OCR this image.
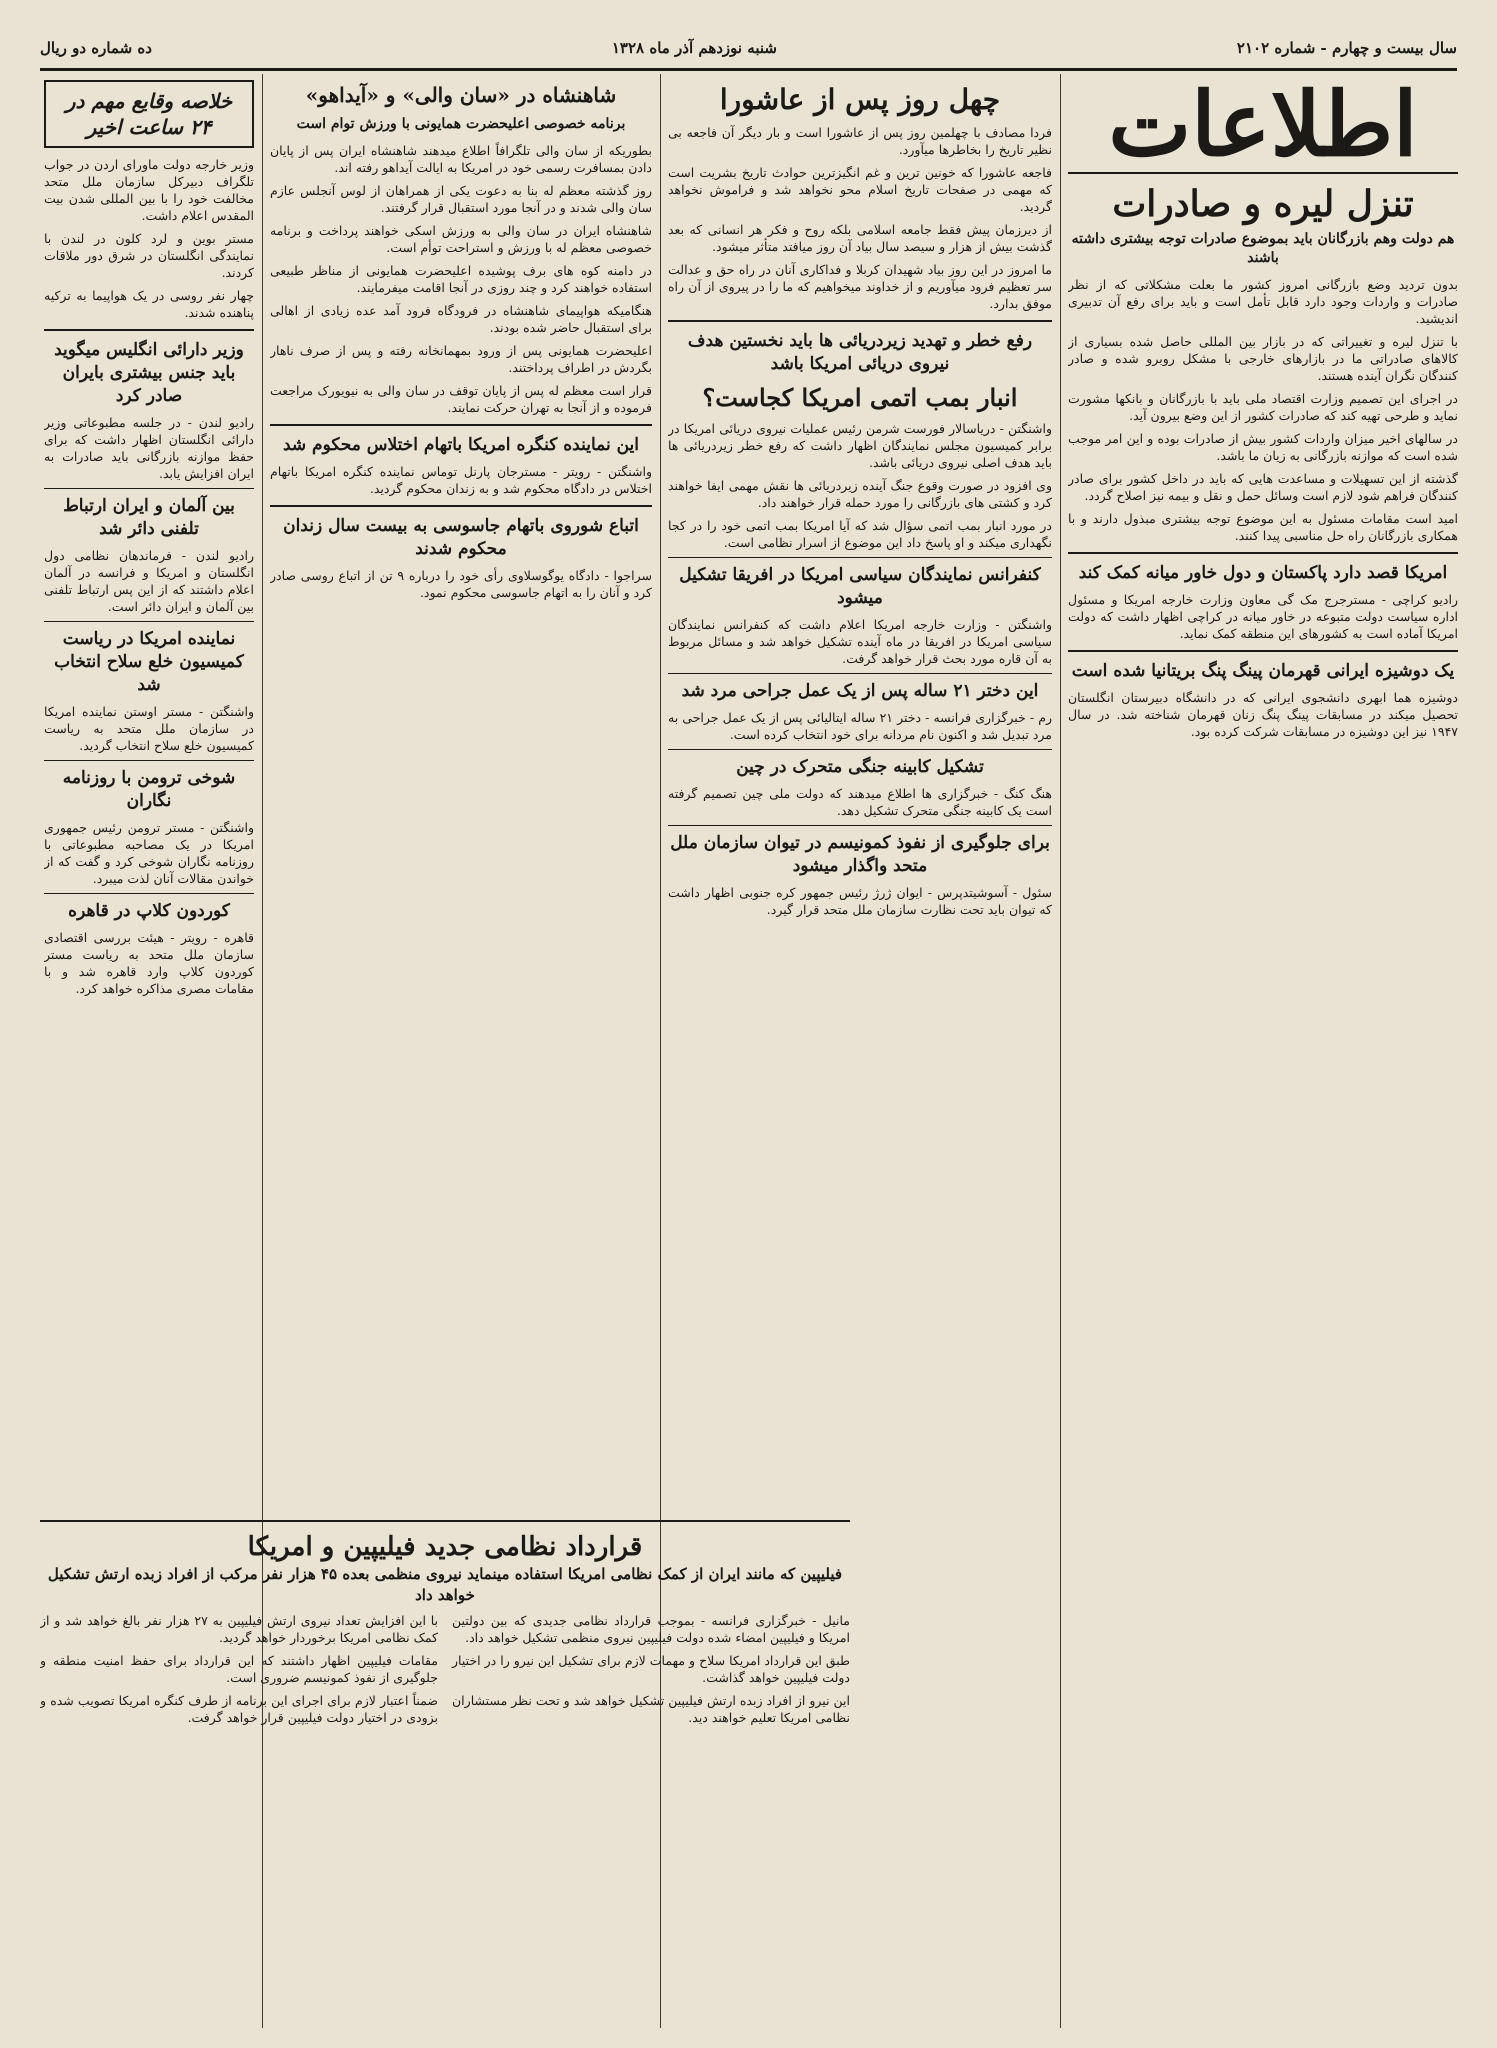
سال بیست و چهارم - شماره ۲۱۰۲
شنبه نوزدهم آذر ماه ۱۳۲۸
ده شماره دو ریال
اطلاعات
تنزل لیره و صادرات
هم دولت وهم بازرگانان باید بموضوع صادرات توجه بیشتری داشته باشند

بدون تردید وضع بازرگانی امروز کشور ما بعلت مشکلاتی که از نظر صادرات و واردات وجود دارد قابل تأمل است و باید برای رفع آن تدبیری اندیشید.

با تنزل لیره و تغییراتی که در بازار بین المللی حاصل شده بسیاری از کالاهای صادراتی ما در بازارهای خارجی با مشکل روبرو شده و صادر کنندگان نگران آینده هستند.

در اجرای این تصمیم وزارت اقتصاد ملی باید با بازرگانان و بانکها مشورت نماید و طرحی تهیه کند که صادرات کشور از این وضع بیرون آید.

در سالهای اخیر میزان واردات کشور بیش از صادرات بوده و این امر موجب شده است که موازنه بازرگانی به زیان ما باشد.

گذشته از این تسهیلات و مساعدت هایی که باید در داخل کشور برای صادر کنندگان فراهم شود لازم است وسائل حمل و نقل و بیمه نیز اصلاح گردد.

امید است مقامات مسئول به این موضوع توجه بیشتری مبذول دارند و با همکاری بازرگانان راه حل مناسبی پیدا کنند.

امریکا قصد دارد پاکستان و دول خاور میانه کمک کند

رادیو کراچی - مسترجرج مک گی معاون وزارت خارجه امریکا و مسئول اداره سیاست دولت متبوعه در خاور میانه در کراچی اظهار داشت که دولت امریکا آماده است به کشورهای این منطقه کمک نماید.

یک دوشیزه ایرانی قهرمان پینگ پنگ بریتانیا شده است

دوشیزه هما ابهری دانشجوی ایرانی که در دانشگاه دبیرستان انگلستان تحصیل میکند در مسابقات پینگ پنگ زنان قهرمان شناخته شد. در سال ۱۹۴۷ نیز این دوشیزه در مسابقات شرکت کرده بود.

چهل روز پس از عاشورا

فردا مصادف با چهلمین روز پس از عاشورا است و بار دیگر آن فاجعه بی نظیر تاریخ را بخاطرها میآورد.

فاجعه عاشورا که خونین ترین و غم انگیزترین حوادث تاریخ بشریت است که مهمی در صفحات تاریخ اسلام محو نخواهد شد و فراموش نخواهد گردید.

از دیرزمان پیش فقط جامعه اسلامی بلکه روح و فکر هر انسانی که بعد گذشت بیش از هزار و سیصد سال بیاد آن روز میافتد متأثر میشود.

ما امروز در این روز بیاد شهیدان کربلا و فداکاری آنان در راه حق و عدالت سر تعظیم فرود میآوریم و از خداوند میخواهیم که ما را در پیروی از آن راه موفق بدارد.

رفع خطر و تهدید زیردریائی ها باید نخستین هدف نیروی دریائی امریکا باشد
انبار بمب اتمی امریکا کجاست؟

واشنگتن - دریاسالار فورست شرمن رئیس عملیات نیروی دریائی امریکا در برابر کمیسیون مجلس نمایندگان اظهار داشت که رفع خطر زیردریائی ها باید هدف اصلی نیروی دریائی باشد.

وی افزود در صورت وقوع جنگ آینده زیردریائی ها نقش مهمی ایفا خواهند کرد و کشتی های بازرگانی را مورد حمله قرار خواهند داد.

در مورد انبار بمب اتمی سؤال شد که آیا امریکا بمب اتمی خود را در کجا نگهداری میکند و او پاسخ داد این موضوع از اسرار نظامی است.

کنفرانس نمایندگان سیاسی امریکا در افریقا تشکیل میشود

واشنگتن - وزارت خارجه امریکا اعلام داشت که کنفرانس نمایندگان سیاسی امریکا در افریقا در ماه آینده تشکیل خواهد شد و مسائل مربوط به آن قاره مورد بحث قرار خواهد گرفت.

این دختر ۲۱ ساله پس از یک عمل جراحی مرد شد

رم - خبرگزاری فرانسه - دختر ۲۱ ساله ایتالیائی پس از یک عمل جراحی به مرد تبدیل شد و اکنون نام مردانه برای خود انتخاب کرده است.

تشکیل کابینه جنگی متحرک در چین

هنگ کنگ - خبرگزاری ها اطلاع میدهند که دولت ملی چین تصمیم گرفته است یک کابینه جنگی متحرک تشکیل دهد.

برای جلوگیری از نفوذ کمونیسم در تیوان سازمان ملل متحد واگذار میشود

سئول - آسوشیتدپرس - ایوان ژرژ رئیس جمهور کره جنوبی اظهار داشت که تیوان باید تحت نظارت سازمان ملل متحد قرار گیرد.

شاهنشاه در «سان والی» و «آیداهو»
برنامه خصوصی اعلیحضرت همایونی با ورزش توام است

بطوریکه از سان والی تلگرافاً اطلاع میدهند شاهنشاه ایران پس از پایان دادن بمسافرت رسمی خود در امریکا به ایالت آیداهو رفته اند.

روز گذشته معظم له بنا به دعوت یکی از همراهان از لوس آنجلس عازم سان والی شدند و در آنجا مورد استقبال قرار گرفتند.

شاهنشاه ایران در سان والی به ورزش اسکی خواهند پرداخت و برنامه خصوصی معظم له با ورزش و استراحت توأم است.

در دامنه کوه های برف پوشیده اعلیحضرت همایونی از مناظر طبیعی استفاده خواهند کرد و چند روزی در آنجا اقامت میفرمایند.

هنگامیکه هواپیمای شاهنشاه در فرودگاه فرود آمد عده زیادی از اهالی برای استقبال حاضر شده بودند.

اعلیحضرت همایونی پس از ورود بمهمانخانه رفته و پس از صرف ناهار بگردش در اطراف پرداختند.

قرار است معظم له پس از پایان توقف در سان والی به نیویورک مراجعت فرموده و از آنجا به تهران حرکت نمایند.

این نماینده کنگره امریکا باتهام اختلاس محکوم شد

واشنگتن - رویتر - مسترجان پارنل توماس نماینده کنگره امریکا باتهام اختلاس در دادگاه محکوم شد و به زندان محکوم گردید.

اتباع شوروی باتهام جاسوسی به بیست سال زندان محکوم شدند

سراجوا - دادگاه یوگوسلاوی رأی خود را درباره ۹ تن از اتباع روسی صادر کرد و آنان را به اتهام جاسوسی محکوم نمود.

خلاصه وقایع مهم در ۲۴ ساعت اخیر

وزیر خارجه دولت ماورای اردن در جواب تلگراف دبیرکل سازمان ملل متحد مخالفت خود را با بین المللی شدن بیت المقدس اعلام داشت.

مستر بوین و لرد کلون در لندن با نمایندگی انگلستان در شرق دور ملاقات کردند.

چهار نفر روسی در یک هواپیما به ترکیه پناهنده شدند.

وزیر دارائی انگلیس میگوید باید جنس بیشتری بایران صادر کرد

رادیو لندن - در جلسه مطبوعاتی وزیر دارائی انگلستان اظهار داشت که برای حفظ موازنه بازرگانی باید صادرات به ایران افزایش یابد.

بین آلمان و ایران ارتباط تلفنی دائر شد

رادیو لندن - فرماندهان نظامی دول انگلستان و امریکا و فرانسه در آلمان اعلام داشتند که از این پس ارتباط تلفنی بین آلمان و ایران دائر است.

نماینده امریکا در ریاست کمیسیون خلع سلاح انتخاب شد

واشنگتن - مستر اوستن نماینده امریکا در سازمان ملل متحد به ریاست کمیسیون خلع سلاح انتخاب گردید.

شوخی ترومن با روزنامه نگاران

واشنگتن - مستر ترومن رئیس جمهوری امریکا در یک مصاحبه مطبوعاتی با روزنامه نگاران شوخی کرد و گفت که از خواندن مقالات آنان لذت میبرد.

کوردون کلاپ در قاهره

قاهره - رویتر - هیئت بررسی اقتصادی سازمان ملل متحد به ریاست مستر کوردون کلاپ وارد قاهره شد و با مقامات مصری مذاکره خواهد کرد.

قرارداد نظامی جدید فیلیپین و امریکا
فیلیپین که مانند ایران از کمک نظامی امریکا استفاده مینماید نیروی منظمی بعده ۴۵ هزار نفر مرکب از افراد زبده ارتش تشکیل خواهد داد

مانیل - خبرگزاری فرانسه - بموجب قرارداد نظامی جدیدی که بین دولتین امریکا و فیلیپین امضاء شده دولت فیلیپین نیروی منظمی تشکیل خواهد داد.

طبق این قرارداد امریکا سلاح و مهمات لازم برای تشکیل این نیرو را در اختیار دولت فیلیپین خواهد گذاشت.

این نیرو از افراد زبده ارتش فیلیپین تشکیل خواهد شد و تحت نظر مستشاران نظامی امریکا تعلیم خواهند دید.

با این افزایش تعداد نیروی ارتش فیلیپین به ۲۷ هزار نفر بالغ خواهد شد و از کمک نظامی امریکا برخوردار خواهد گردید.

مقامات فیلیپین اظهار داشتند که این قرارداد برای حفظ امنیت منطقه و جلوگیری از نفوذ کمونیسم ضروری است.

ضمناً اعتبار لازم برای اجرای این برنامه از طرف کنگره امریکا تصویب شده و بزودی در اختیار دولت فیلیپین قرار خواهد گرفت.
